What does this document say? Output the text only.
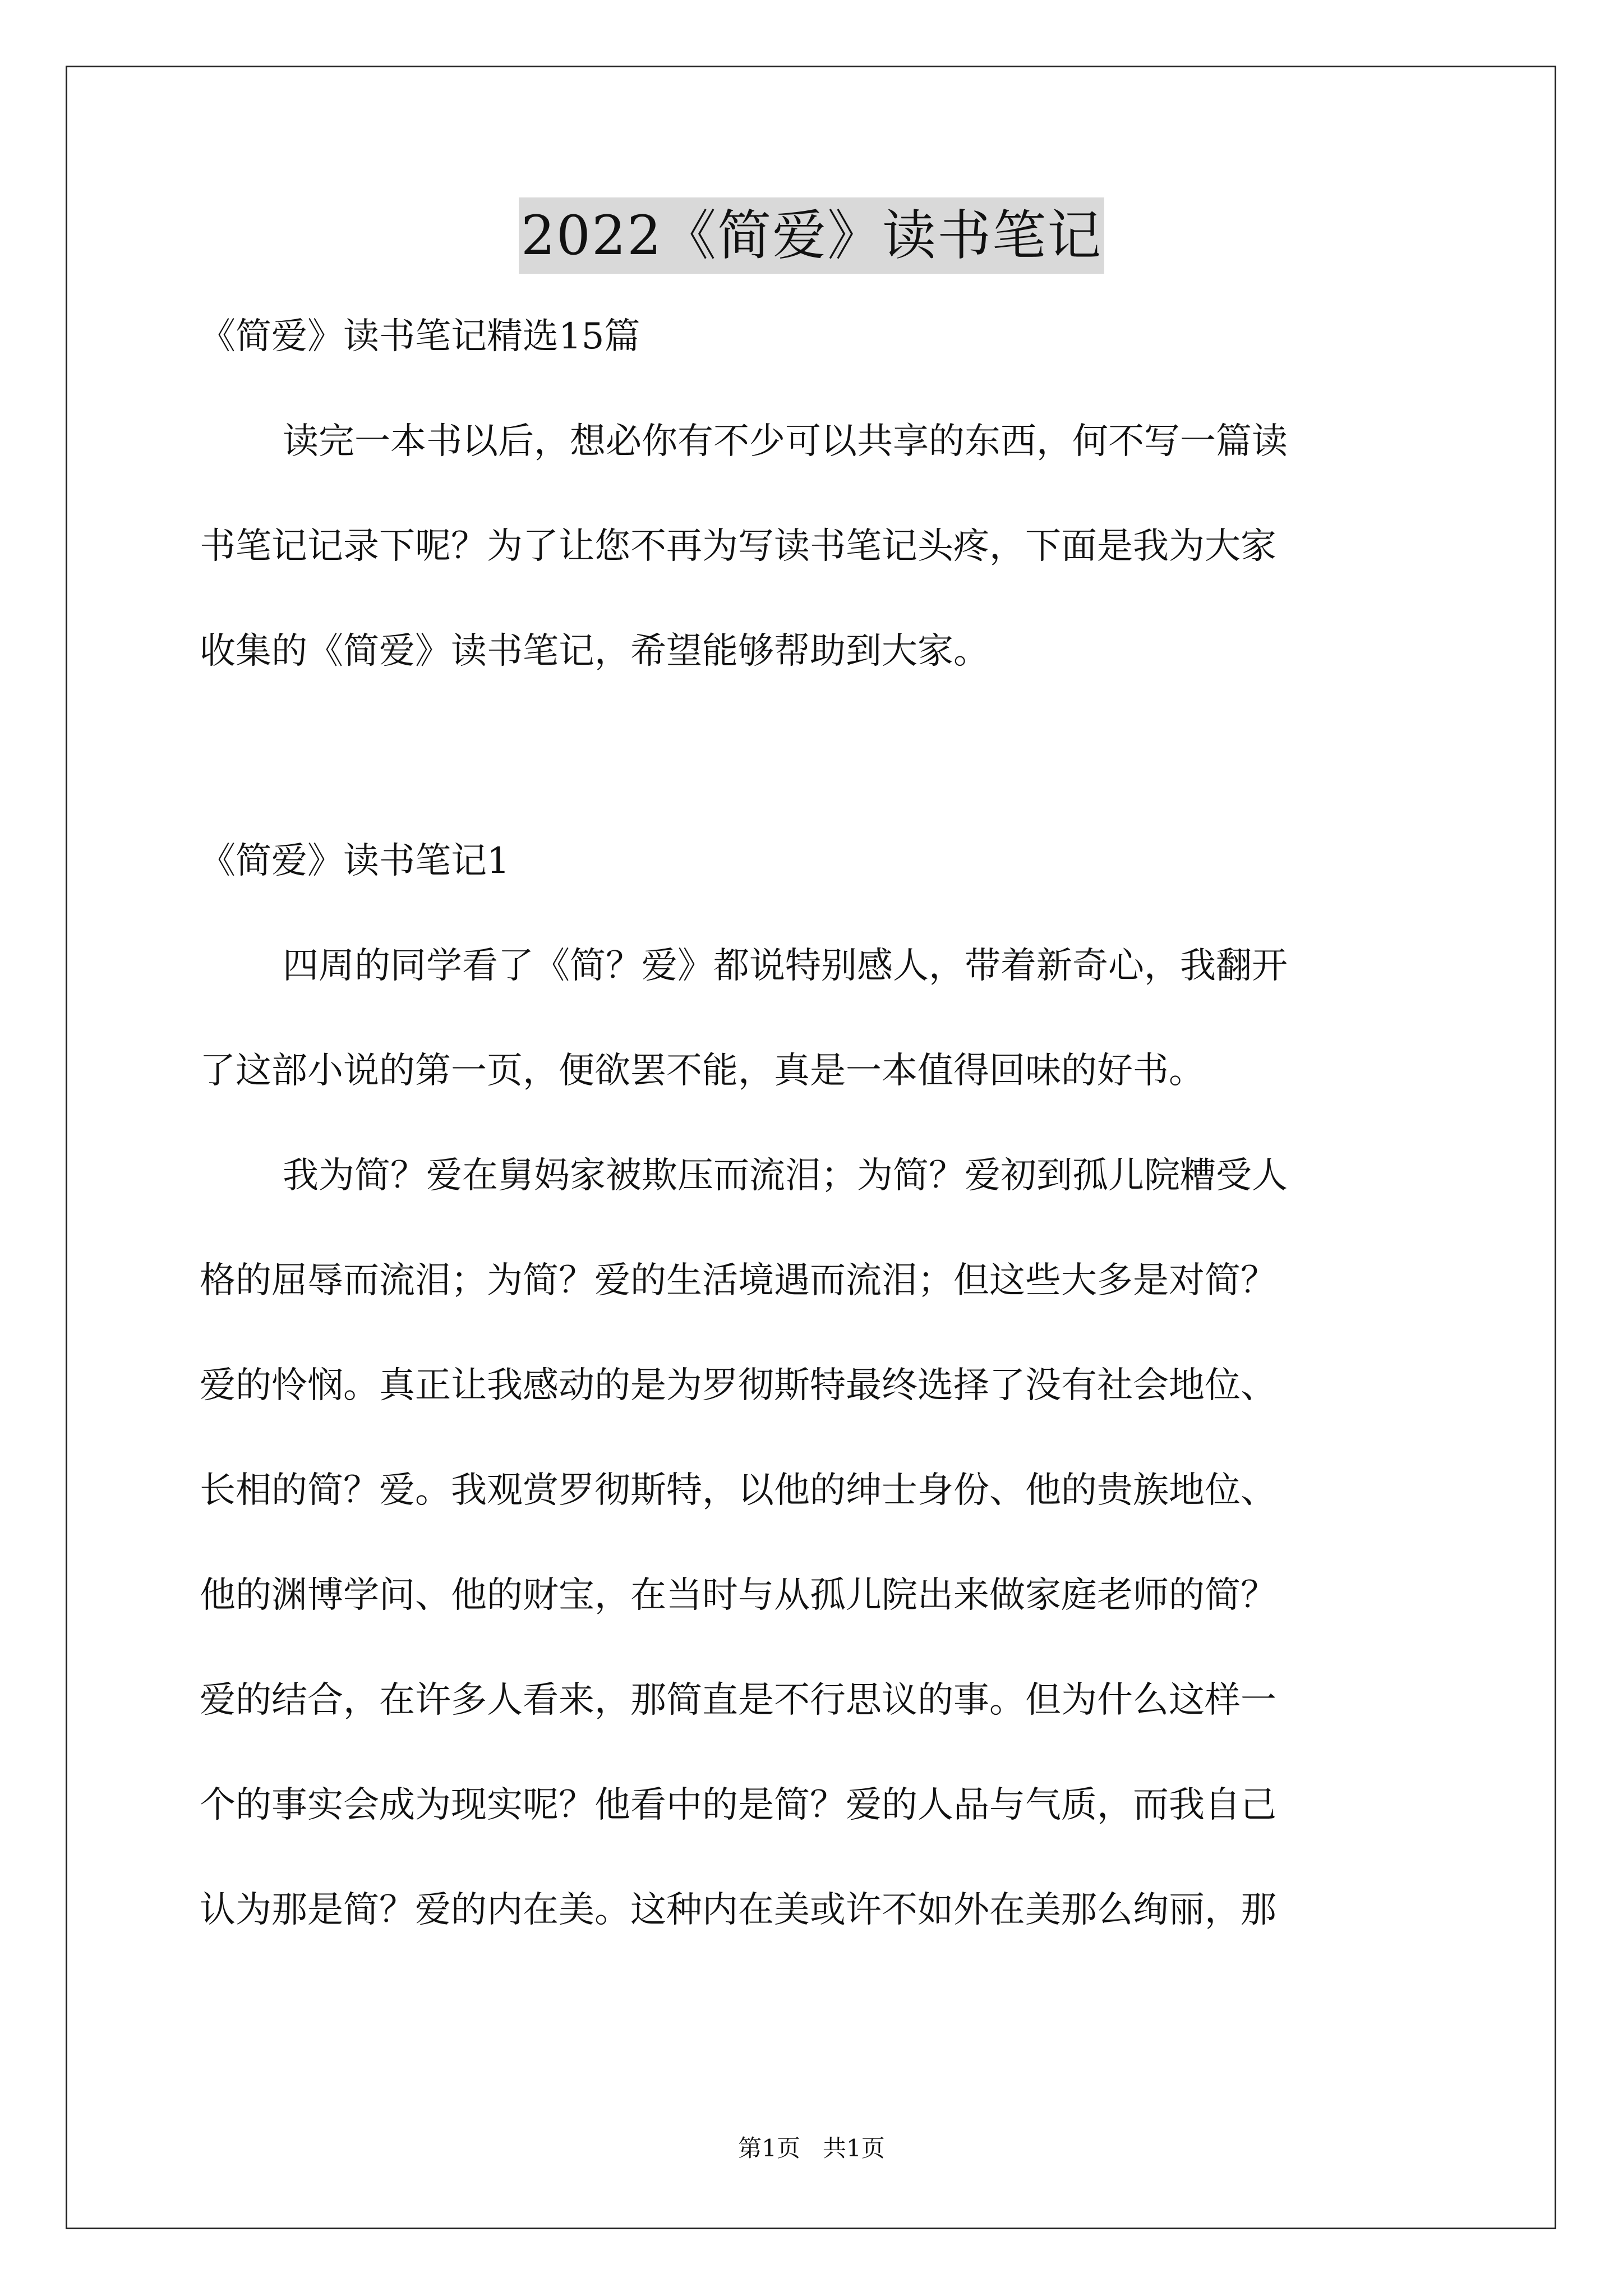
2022《简爱》读书笔记
《简爱》读书笔记精选15篇
读完一本书以后，想必你有不少可以共享的东西，何不写一篇读
书笔记记录下呢？为了让您不再为写读书笔记头疼，下面是我为大家
收集的《简爱》读书笔记，希望能够帮助到大家。
《简爱》读书笔记1
四周的同学看了《简？爱》都说特别感人，带着新奇心，我翻开
了这部小说的第一页，便欲罢不能，真是一本值得回味的好书。
我为简？爱在舅妈家被欺压而流泪；为简？爱初到孤儿院糟受人
格的屈辱而流泪；为简？爱的生活境遇而流泪；但这些大多是对简？
爱的怜悯。真正让我感动的是为罗彻斯特最终选择了没有社会地位、
长相的简？爱。我观赏罗彻斯特，以他的绅士身份、他的贵族地位、
他的渊博学问、他的财宝，在当时与从孤儿院出来做家庭老师的简？
爱的结合，在许多人看来，那简直是不行思议的事。但为什么这样一
个的事实会成为现实呢？他看中的是简？爱的人品与气质，而我自己
认为那是简？爱的内在美。这种内在美或许不如外在美那么绚丽，那
第1页 共1页
